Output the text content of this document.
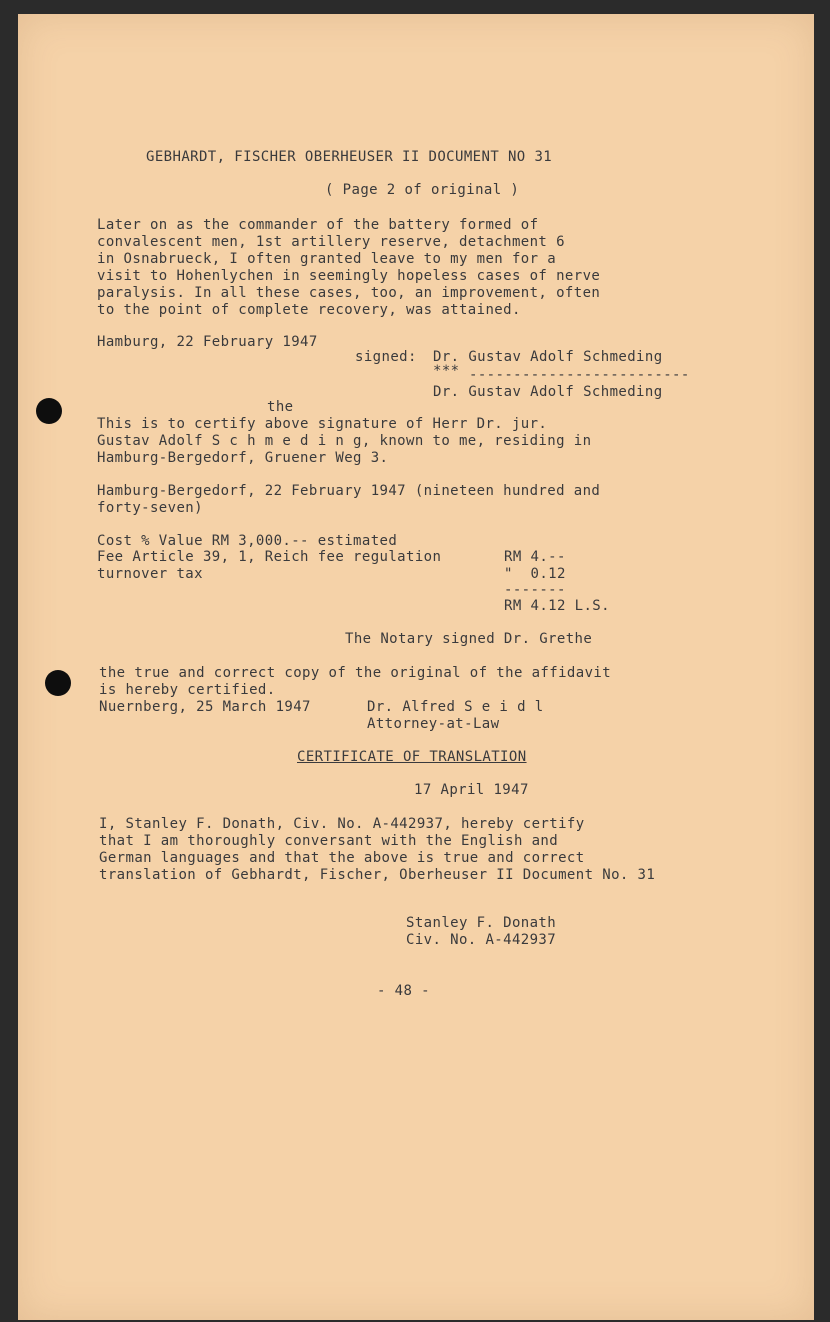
GEBHARDT, FISCHER OBERHEUSER II DOCUMENT NO 31

( Page 2 of original )

Later on as the commander of the battery formed of

convalescent men, 1st artillery reserve, detachment 6

in Osnabrueck, I often granted leave to my men for a

visit to Hohenlychen in seemingly hopeless cases of nerve

paralysis. In all these cases, too, an improvement, often

to the point of complete recovery, was attained.

Hamburg, 22 February 1947

signed: Dr. Gustav Adolf Schmeding

*** -------------------------

Dr. Gustav Adolf Schmeding

the

This is to certify above signature of Herr Dr. jur.

Gustav Adolf S c h m e d i n g, known to me, residing in

Hamburg-Bergedorf, Gruener Weg 3.

Hamburg-Bergedorf, 22 February 1947 (nineteen hundred and

forty-seven)

Cost % Value RM 3,000.-- estimated

Fee Article 39, 1, Reich fee regulation	RM 4.--

turnover tax	"  0.12

-------

RM 4.12 L.S.

The Notary signed Dr. Grethe

the true and correct copy of the original of the affidavit

is hereby certified.

Nuernberg, 25 March 1947	Dr. Alfred S e i d l

Attorney-at-Law

CERTIFICATE OF TRANSLATION

17 April 1947

I, Stanley F. Donath, Civ. No. A-442937, hereby certify

that I am thoroughly conversant with the English and

German languages and that the above is true and correct

translation of Gebhardt, Fischer, Oberheuser II Document No. 31

Stanley F. Donath

Civ. No. A-442937

- 48 -
